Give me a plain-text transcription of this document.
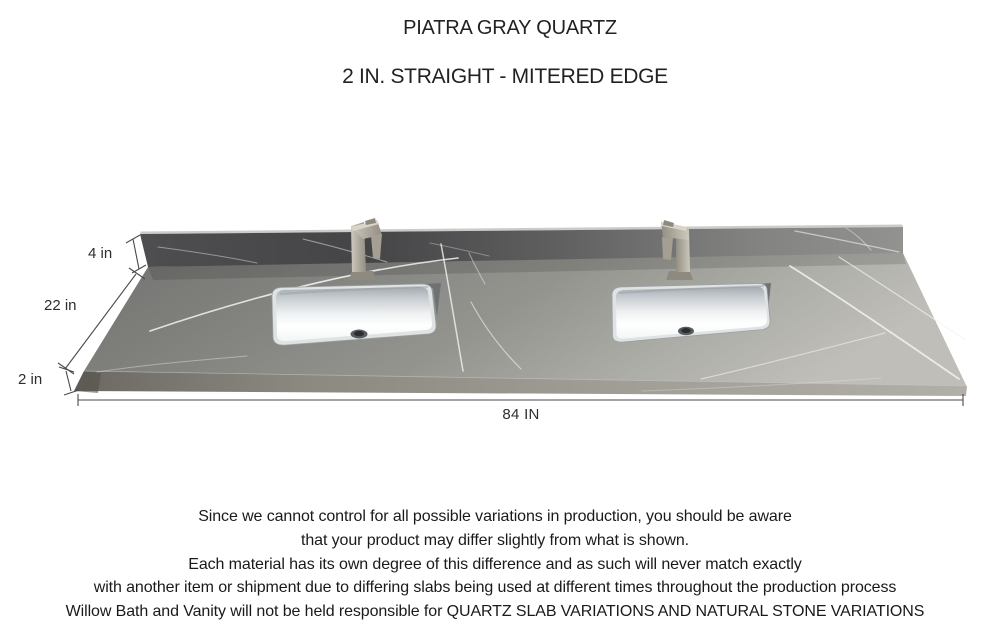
PIATRA GRAY QUARTZ
2 IN. STRAIGHT - MITERED EDGE
4 in
22 in
2 in
84 IN
Since we cannot control for all possible variations in production, you should be aware
that your product may differ slightly from what is shown.
Each material has its own degree of this difference and as such will never match exactly
with another item or shipment due to differing slabs being used at different times throughout the production process
Willow Bath and Vanity will not be held responsible for QUARTZ SLAB VARIATIONS AND NATURAL STONE VARIATIONS
